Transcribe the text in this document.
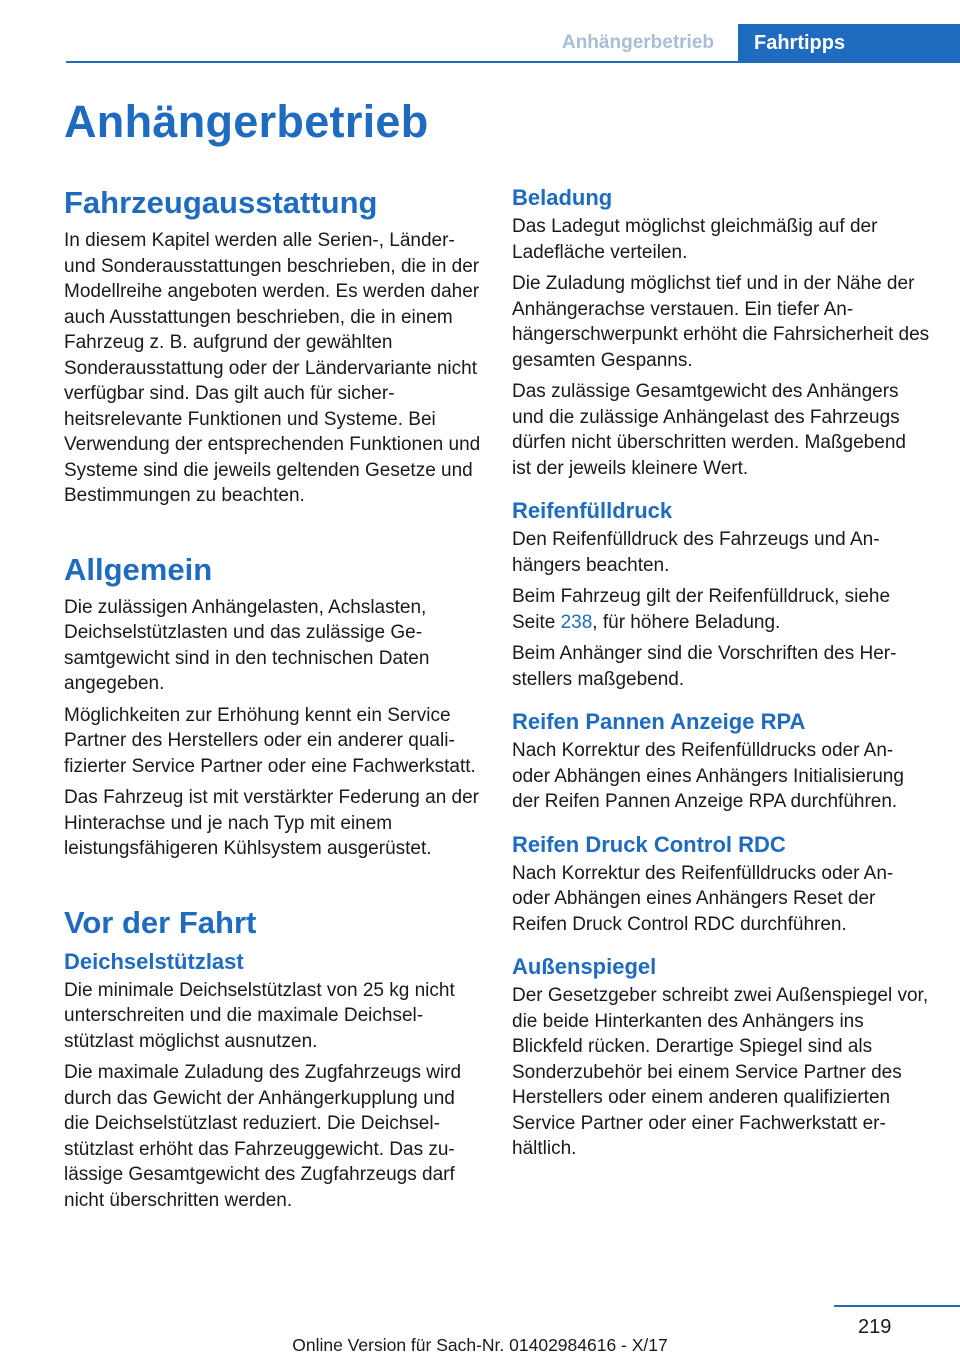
Anhängerbetrieb	Fahrtipps
Anhängerbetrieb
Fahrzeugausstattung

In diesem Kapitel werden alle Serien-, Länder- und Sonderausstattungen beschrieben, die in der Modellreihe angeboten werden. Es werden daher auch Ausstattungen beschrieben, die in einem Fahrzeug z. B. aufgrund der gewählten Sonderausstattung oder der Ländervariante nicht verfügbar sind. Das gilt auch für sicherheitsrelevante Funktionen und Systeme. Bei Verwendung der entsprechenden Funktionen und Systeme sind die jeweils geltenden Gesetze und Bestimmungen zu beachten.

Allgemein

Die zulässigen Anhängelasten, Achslasten, Deichselstützlasten und das zulässige Gesamtgewicht sind in den technischen Daten angegeben.

Möglichkeiten zur Erhöhung kennt ein Service Partner des Herstellers oder ein anderer qualifizierter Service Partner oder eine Fachwerkstatt.

Das Fahrzeug ist mit verstärkter Federung an der Hinterachse und je nach Typ mit einem leistungsfähigeren Kühlsystem ausgerüstet.

Vor der Fahrt
Deichselstützlast

Die minimale Deichselstützlast von 25 kg nicht unterschreiten und die maximale Deichselstützlast möglichst ausnutzen.

Die maximale Zuladung des Zugfahrzeugs wird durch das Gewicht der Anhängerkupplung und die Deichselstützlast reduziert. Die Deichselstützlast erhöht das Fahrzeuggewicht. Das zulässige Gesamtgewicht des Zugfahrzeugs darf nicht überschritten werden.

Beladung

Das Ladegut möglichst gleichmäßig auf der Ladefläche verteilen.

Die Zuladung möglichst tief und in der Nähe der Anhängerachse verstauen. Ein tiefer Anhängerschwerpunkt erhöht die Fahrsicherheit des gesamten Gespanns.

Das zulässige Gesamtgewicht des Anhängers und die zulässige Anhängelast des Fahrzeugs dürfen nicht überschritten werden. Maßgebend ist der jeweils kleinere Wert.

Reifenfülldruck

Den Reifenfülldruck des Fahrzeugs und Anhängers beachten.

Beim Fahrzeug gilt der Reifenfülldruck, siehe Seite 238, für höhere Beladung.

Beim Anhänger sind die Vorschriften des Herstellers maßgebend.

Reifen Pannen Anzeige RPA

Nach Korrektur des Reifenfülldrucks oder An- oder Abhängen eines Anhängers Initialisierung der Reifen Pannen Anzeige RPA durchführen.

Reifen Druck Control RDC

Nach Korrektur des Reifenfülldrucks oder An- oder Abhängen eines Anhängers Reset der Reifen Druck Control RDC durchführen.

Außenspiegel

Der Gesetzgeber schreibt zwei Außenspiegel vor, die beide Hinterkanten des Anhängers ins Blickfeld rücken. Derartige Spiegel sind als Sonderzubehör bei einem Service Partner des Herstellers oder einem anderen qualifizierten Service Partner oder einer Fachwerkstatt erhältlich.

219
Online Version für Sach-Nr. 01402984616 - X/17
